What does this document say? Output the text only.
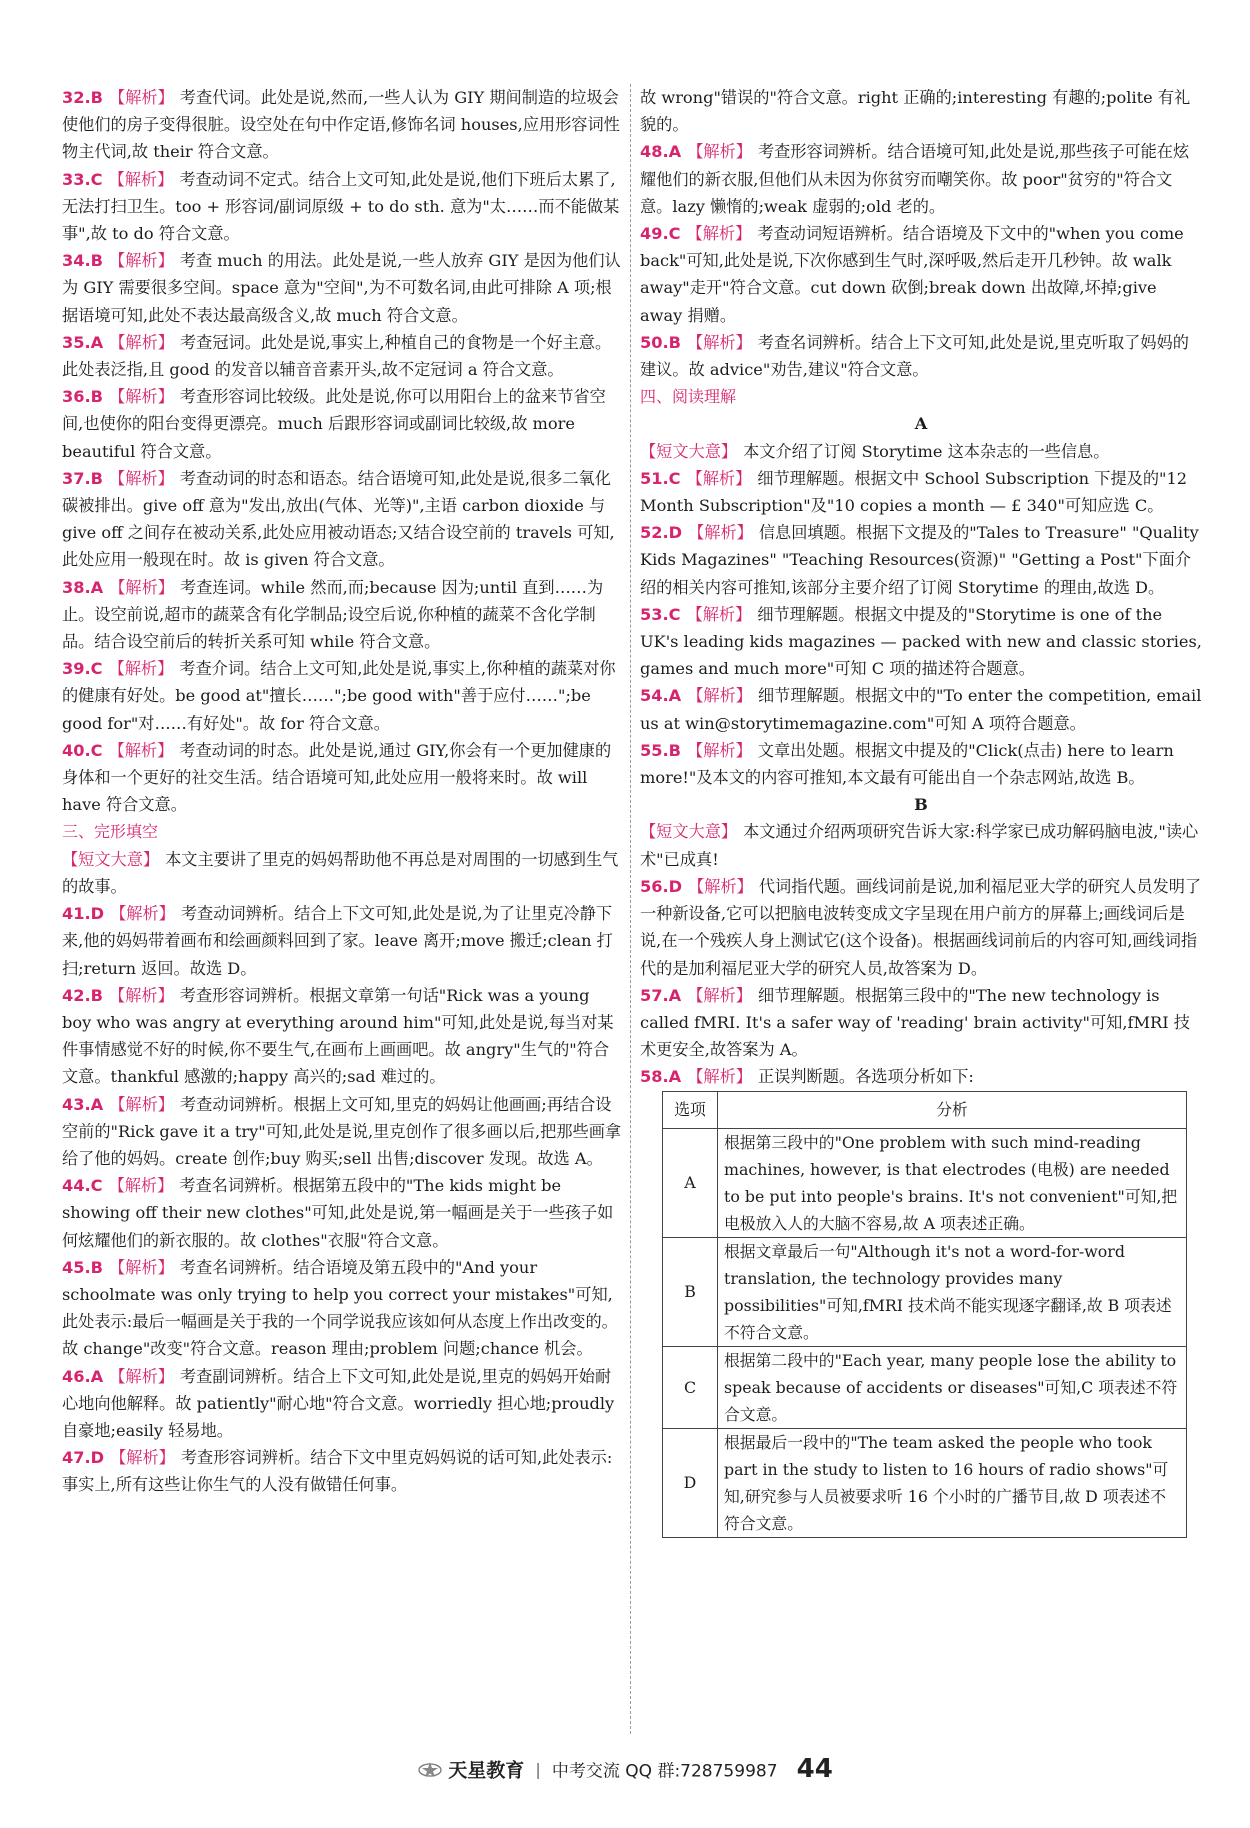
32.B 【解析】 考查代词。此处是说,然而,一些人认为 GIY 期间制造的垃圾会使他们的房子变得很脏。设空处在句中作定语,修饰名词 houses,应用形容词性物主代词,故 their 符合文意。

33.C 【解析】 考查动词不定式。结合上文可知,此处是说,他们下班后太累了,无法打扫卫生。too + 形容词/副词原级 + to do sth. 意为"太……而不能做某事",故 to do 符合文意。

34.B 【解析】 考查 much 的用法。此处是说,一些人放弃 GIY 是因为他们认为 GIY 需要很多空间。space 意为"空间",为不可数名词,由此可排除 A 项;根据语境可知,此处不表达最高级含义,故 much 符合文意。

35.A 【解析】 考查冠词。此处是说,事实上,种植自己的食物是一个好主意。此处表泛指,且 good 的发音以辅音音素开头,故不定冠词 a 符合文意。

36.B 【解析】 考查形容词比较级。此处是说,你可以用阳台上的盆来节省空间,也使你的阳台变得更漂亮。much 后跟形容词或副词比较级,故 more beautiful 符合文意。

37.B 【解析】 考查动词的时态和语态。结合语境可知,此处是说,很多二氧化碳被排出。give off 意为"发出,放出(气体、光等)",主语 carbon dioxide 与 give off 之间存在被动关系,此处应用被动语态;又结合设空前的 travels 可知,此处应用一般现在时。故 is given 符合文意。

38.A 【解析】 考查连词。while 然而,而;because 因为;until 直到……为止。设空前说,超市的蔬菜含有化学制品;设空后说,你种植的蔬菜不含化学制品。结合设空前后的转折关系可知 while 符合文意。

39.C 【解析】 考查介词。结合上文可知,此处是说,事实上,你种植的蔬菜对你的健康有好处。be good at"擅长……";be good with"善于应付……";be good for"对……有好处"。故 for 符合文意。

40.C 【解析】 考查动词的时态。此处是说,通过 GIY,你会有一个更加健康的身体和一个更好的社交生活。结合语境可知,此处应用一般将来时。故 will have 符合文意。

三、完形填空

【短文大意】 本文主要讲了里克的妈妈帮助他不再总是对周围的一切感到生气的故事。

41.D 【解析】 考查动词辨析。结合上下文可知,此处是说,为了让里克冷静下来,他的妈妈带着画布和绘画颜料回到了家。leave 离开;move 搬迁;clean 打扫;return 返回。故选 D。

42.B 【解析】 考查形容词辨析。根据文章第一句话"Rick was a young boy who was angry at everything around him"可知,此处是说,每当对某件事情感觉不好的时候,你不要生气,在画布上画画吧。故 angry"生气的"符合文意。thankful 感激的;happy 高兴的;sad 难过的。

43.A 【解析】 考查动词辨析。根据上文可知,里克的妈妈让他画画;再结合设空前的"Rick gave it a try"可知,此处是说,里克创作了很多画以后,把那些画拿给了他的妈妈。create 创作;buy 购买;sell 出售;discover 发现。故选 A。

44.C 【解析】 考查名词辨析。根据第五段中的"The kids might be showing off their new clothes"可知,此处是说,第一幅画是关于一些孩子如何炫耀他们的新衣服的。故 clothes"衣服"符合文意。

45.B 【解析】 考查名词辨析。结合语境及第五段中的"And your schoolmate was only trying to help you correct your mistakes"可知,此处表示:最后一幅画是关于我的一个同学说我应该如何从态度上作出改变的。故 change"改变"符合文意。reason 理由;problem 问题;chance 机会。

46.A 【解析】 考查副词辨析。结合上下文可知,此处是说,里克的妈妈开始耐心地向他解释。故 patiently"耐心地"符合文意。worriedly 担心地;proudly 自豪地;easily 轻易地。

47.D 【解析】 考查形容词辨析。结合下文中里克妈妈说的话可知,此处表示:事实上,所有这些让你生气的人没有做错任何事。

故 wrong"错误的"符合文意。right 正确的;interesting 有趣的;polite 有礼貌的。

48.A 【解析】 考查形容词辨析。结合语境可知,此处是说,那些孩子可能在炫耀他们的新衣服,但他们从未因为你贫穷而嘲笑你。故 poor"贫穷的"符合文意。lazy 懒惰的;weak 虚弱的;old 老的。

49.C 【解析】 考查动词短语辨析。结合语境及下文中的"when you come back"可知,此处是说,下次你感到生气时,深呼吸,然后走开几秒钟。故 walk away"走开"符合文意。cut down 砍倒;break down 出故障,坏掉;give away 捐赠。

50.B 【解析】 考查名词辨析。结合上下文可知,此处是说,里克听取了妈妈的建议。故 advice"劝告,建议"符合文意。

四、阅读理解

A

【短文大意】 本文介绍了订阅 Storytime 这本杂志的一些信息。

51.C 【解析】 细节理解题。根据文中 School Subscription 下提及的"12 Month Subscription"及"10 copies a month — £ 340"可知应选 C。

52.D 【解析】 信息回填题。根据下文提及的"Tales to Treasure" "Quality Kids Magazines" "Teaching Resources(资源)" "Getting a Post"下面介绍的相关内容可推知,该部分主要介绍了订阅 Storytime 的理由,故选 D。

53.C 【解析】 细节理解题。根据文中提及的"Storytime is one of the UK's leading kids magazines — packed with new and classic stories, games and much more"可知 C 项的描述符合题意。

54.A 【解析】 细节理解题。根据文中的"To enter the competition, email us at win@storytimemagazine.com"可知 A 项符合题意。

55.B 【解析】 文章出处题。根据文中提及的"Click(点击) here to learn more!"及本文的内容可推知,本文最有可能出自一个杂志网站,故选 B。

B

【短文大意】 本文通过介绍两项研究告诉大家:科学家已成功解码脑电波,"读心术"已成真!

56.D 【解析】 代词指代题。画线词前是说,加利福尼亚大学的研究人员发明了一种新设备,它可以把脑电波转变成文字呈现在用户前方的屏幕上;画线词后是说,在一个残疾人身上测试它(这个设备)。根据画线词前后的内容可知,画线词指代的是加利福尼亚大学的研究人员,故答案为 D。

57.A 【解析】 细节理解题。根据第三段中的"The new technology is called fMRI. It's a safer way of 'reading' brain activity"可知,fMRI 技术更安全,故答案为 A。

58.A 【解析】 正误判断题。各选项分析如下:

选项	分析
A	根据第三段中的"One problem with such mind-reading machines, however, is that electrodes (电极) are needed to be put into people's brains. It's not convenient"可知,把电极放入人的大脑不容易,故 A 项表述正确。
B	根据文章最后一句"Although it's not a word-for-word translation, the technology provides many possibilities"可知,fMRI 技术尚不能实现逐字翻译,故 B 项表述不符合文意。
C	根据第二段中的"Each year, many people lose the ability to speak because of accidents or diseases"可知,C 项表述不符合文意。
D	根据最后一段中的"The team asked the people who took part in the study to listen to 16 hours of radio shows"可知,研究参与人员被要求听 16 个小时的广播节目,故 D 项表述不符合文意。
天星教育 | 中考交流 QQ 群:728759987 44
